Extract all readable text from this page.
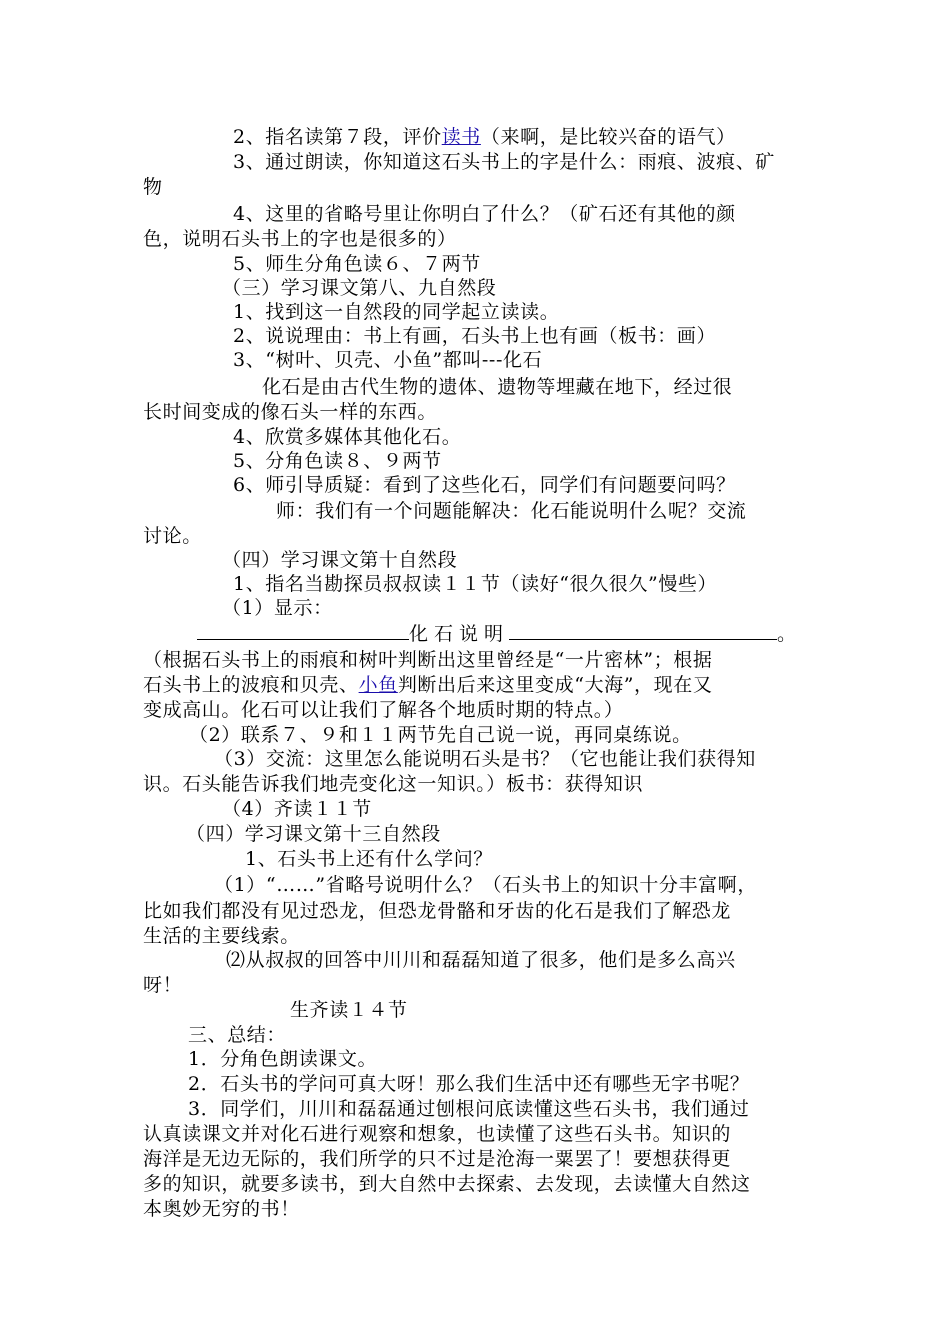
2、指名读第７段，评价读书（来啊，是比较兴奋的语气）
3、通过朗读，你知道这石头书上的字是什么：雨痕、波痕、矿
物
4、这里的省略号里让你明白了什么？（矿石还有其他的颜
色，说明石头书上的字也是很多的）
5、师生分角色读６、７两节
（三）学习课文第八、九自然段
1、找到这一自然段的同学起立读读。
2、说说理由：书上有画，石头书上也有画（板书：画）
3、“树叶、贝壳、小鱼”都叫---化石
化石是由古代生物的遗体、遗物等埋藏在地下，经过很
长时间变成的像石头一样的东西。
4、欣赏多媒体其他化石。
5、分角色读８、９两节
6、师引导质疑：看到了这些化石，同学们有问题要问吗？
师：我们有一个问题能解决：化石能说明什么呢？交流
讨论。
（四）学习课文第十自然段
1、指名当勘探员叔叔读１１节（读好“很久很久”慢些）
（1）显示：
化石说明	。
（根据石头书上的雨痕和树叶判断出这里曾经是“一片密林”；根据
石头书上的波痕和贝壳、小鱼判断出后来这里变成“大海”，现在又
变成高山。化石可以让我们了解各个地质时期的特点。）
（2）联系７、９和１１两节先自己说一说，再同桌练说。
（3）交流：这里怎么能说明石头是书？（它也能让我们获得知
识。石头能告诉我们地壳变化这一知识。）板书：获得知识
（4）齐读１１节
（四）学习课文第十三自然段
1、石头书上还有什么学问？
（1）“……”省略号说明什么？（石头书上的知识十分丰富啊，
比如我们都没有见过恐龙，但恐龙骨骼和牙齿的化石是我们了解恐龙
生活的主要线索。
⑵从叔叔的回答中川川和磊磊知道了很多，他们是多么高兴
呀！
生齐读１４节
三、总结：
1．分角色朗读课文。
2．石头书的学问可真大呀！那么我们生活中还有哪些无字书呢？
3．同学们，川川和磊磊通过刨根问底读懂这些石头书，我们通过
认真读课文并对化石进行观察和想象，也读懂了这些石头书。知识的
海洋是无边无际的，我们所学的只不过是沧海一粟罢了！要想获得更
多的知识，就要多读书，到大自然中去探索、去发现，去读懂大自然这
本奥妙无穷的书！
